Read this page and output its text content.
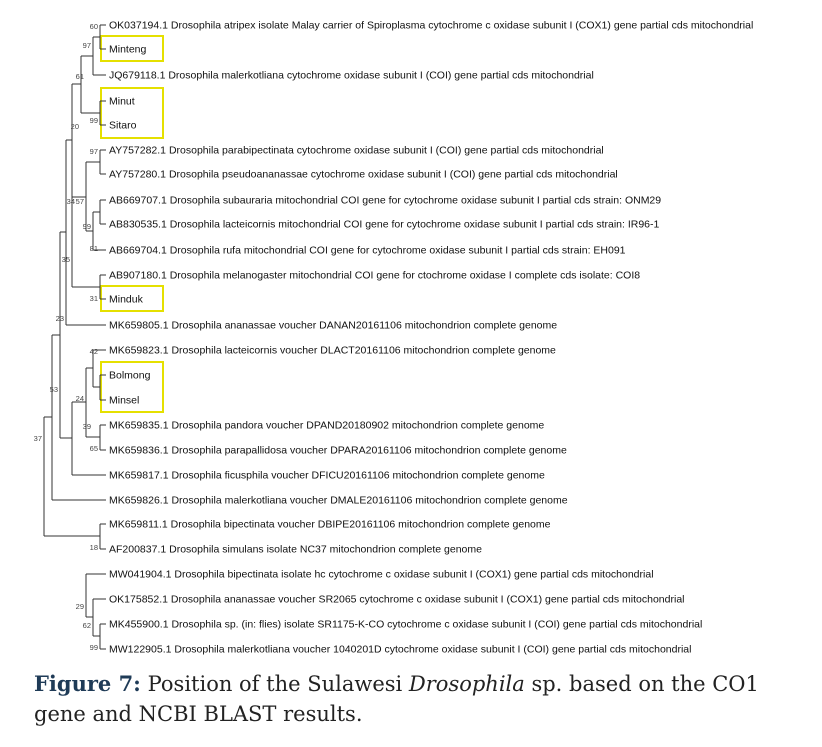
OK037194.1 Drosophila atripex isolate Malay carrier of Spiroplasma cytochrome c oxidase subunit I (COX1) gene partial cds mitochondrial
Minteng
JQ679118.1 Drosophila malerkotliana cytochrome oxidase subunit I (COI) gene partial cds mitochondrial
Minut
Sitaro
AY757282.1 Drosophila parabipectinata cytochrome oxidase subunit I (COI) gene partial cds mitochondrial
AY757280.1 Drosophila pseudoananassae cytochrome oxidase subunit I (COI) gene partial cds mitochondrial
AB669707.1 Drosophila subauraria mitochondrial COI gene for cytochrome oxidase subunit I partial cds strain: ONM29
AB830535.1 Drosophila lacteicornis mitochondrial COI gene for cytochrome oxidase subunit I partial cds strain: IR96-1
AB669704.1 Drosophila rufa mitochondrial COI gene for cytochrome oxidase subunit I partial cds strain: EH091
AB907180.1 Drosophila melanogaster mitochondrial COI gene for ctochrome oxidase I complete cds isolate: COI8
Minduk
MK659805.1 Drosophila ananassae voucher DANAN20161106 mitochondrion complete genome
MK659823.1 Drosophila lacteicornis voucher DLACT20161106 mitochondrion complete genome
Bolmong
Minsel
MK659835.1 Drosophila pandora voucher DPAND20180902 mitochondrion complete genome
MK659836.1 Drosophila parapallidosa voucher DPARA20161106 mitochondrion complete genome
MK659817.1 Drosophila ficusphila voucher DFICU20161106 mitochondrion complete genome
MK659826.1 Drosophila malerkotliana voucher DMALE20161106 mitochondrion complete genome
MK659811.1 Drosophila bipectinata voucher DBIPE20161106 mitochondrion complete genome
AF200837.1 Drosophila simulans isolate NC37 mitochondrion complete genome
MW041904.1 Drosophila bipectinata isolate hc cytochrome c oxidase subunit I (COX1) gene partial cds mitochondrial
OK175852.1 Drosophila ananassae voucher SR2065 cytochrome c oxidase subunit I (COX1) gene partial cds mitochondrial
MK455900.1 Drosophila sp. (in: flies) isolate SR1175-K-CO cytochrome c oxidase subunit I (COI) gene partial cds mitochondrial
MW122905.1 Drosophila malerkotliana voucher 1040201D cytochrome oxidase subunit I (COI) gene partial cds mitochondrial
60
97
61
99
20
97
34 57
99
81
35
31
23
42
24
53
39
65
37
18
29
62
99
Figure 7: Position of the Sulawesi Drosophila sp. based on the CO1 gene and NCBI BLAST results.
